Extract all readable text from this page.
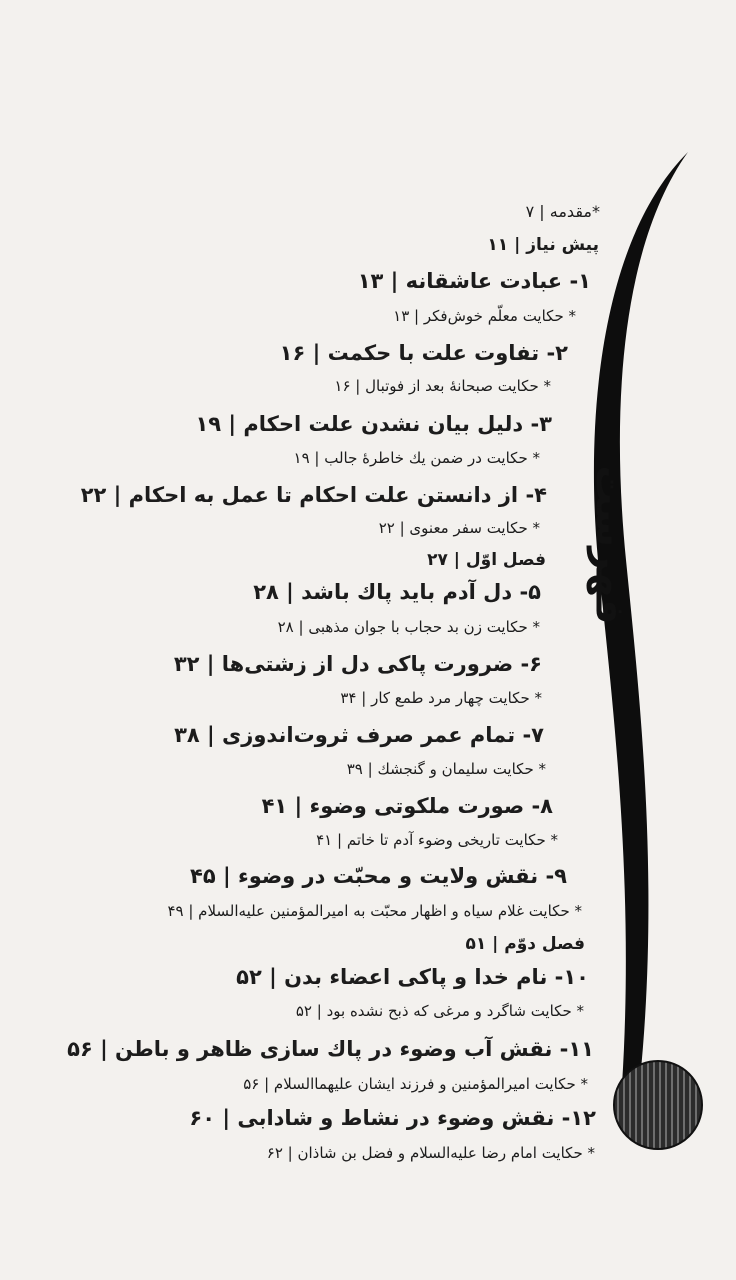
فهرست
*مقدمه | ۷
پیش نیاز | ۱۱
۱- عبادت عاشقانه | ۱۳
* حکایت معلّم خوش‌فکر | ۱۳
۲- تفاوت علت با حکمت | ۱۶
* حکایت صبحانهٔ بعد از فوتبال | ۱۶
۳- دلیل بیان نشدن علت احکام | ۱۹
* حکایت در ضمن یك خاطرهٔ جالب | ۱۹
۴- از دانستن علت احکام تا عمل به احکام | ۲۲
* حکایت سفر معنوی | ۲۲
فصل اوّل | ۲۷
۵- دل آدم باید پاك باشد | ۲۸
* حکایت زن بد حجاب با جوان مذهبی | ۲۸
۶- ضرورت پاکی دل از زشتی‌ها | ۳۲
* حکایت چهار مرد طمع کار | ۳۴
۷- تمام عمر صرف ثروت‌اندوزی | ۳۸
* حکایت سلیمان و گنجشك | ۳۹
۸- صورت ملکوتی وضوء | ۴۱
* حکایت تاریخی وضوء آدم تا خاتم | ۴۱
۹- نقش ولایت و محبّت در وضوء | ۴۵
* حکایت غلام سیاه و اظهار محبّت به امیرالمؤمنین علیه‌السلام | ۴۹
فصل دوّم | ۵۱
۱۰- نام خدا و پاکی اعضاء بدن | ۵۲
* حکایت شاگرد و مرغی که ذبح نشده بود | ۵۲
۱۱- نقش آب وضوء در پاك سازی ظاهر و باطن | ۵۶
* حکایت امیرالمؤمنین و فرزند ایشان علیهما‌السلام | ۵۶
۱۲- نقش وضوء در نشاط و شادابی | ۶۰
* حکایت امام رضا علیه‌السلام و فضل بن شاذان | ۶۲
